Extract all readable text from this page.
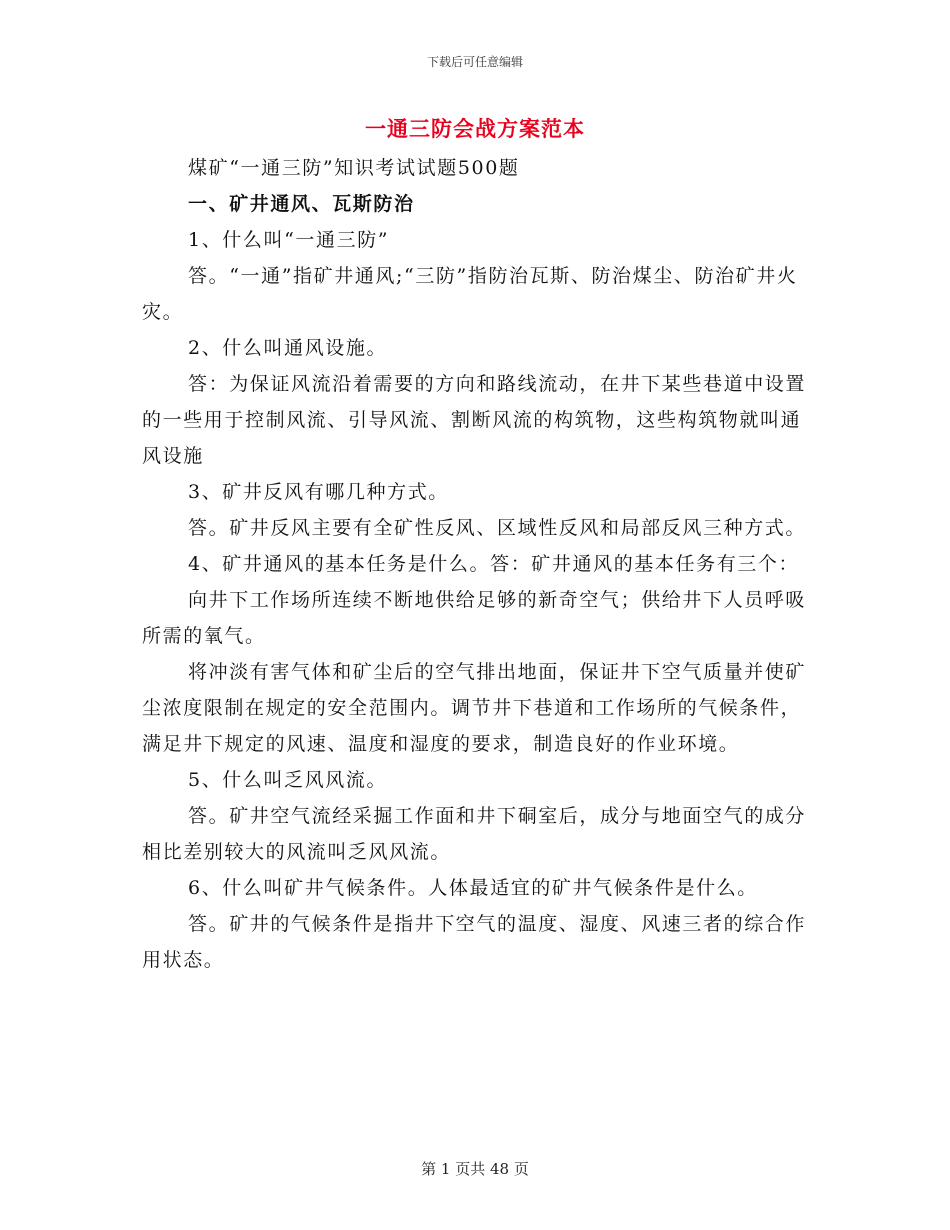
下载后可任意编辑
一通三防会战方案范本

煤矿“一通三防”知识考试试题500题

一、矿井通风、瓦斯防治

1、什么叫“一通三防”

答。“一通”指矿井通风;“三防”指防治瓦斯、防治煤尘、防治矿井火灾。

2、什么叫通风设施。

答：为保证风流沿着需要的方向和路线流动，在井下某些巷道中设置的一些用于控制风流、引导风流、割断风流的构筑物，这些构筑物就叫通风设施

3、矿井反风有哪几种方式。

答。矿井反风主要有全矿性反风、区域性反风和局部反风三种方式。

4、矿井通风的基本任务是什么。答：矿井通风的基本任务有三个：

向井下工作场所连续不断地供给足够的新奇空气；供给井下人员呼吸所需的氧气。

将冲淡有害气体和矿尘后的空气排出地面，保证井下空气质量并使矿尘浓度限制在规定的安全范围内。调节井下巷道和工作场所的气候条件，满足井下规定的风速、温度和湿度的要求，制造良好的作业环境。

5、什么叫乏风风流。

答。矿井空气流经采掘工作面和井下硐室后，成分与地面空气的成分相比差别较大的风流叫乏风风流。

6、什么叫矿井气候条件。人体最适宜的矿井气候条件是什么。

答。矿井的气候条件是指井下空气的温度、湿度、风速三者的综合作用状态。

第 1 页共 48 页
